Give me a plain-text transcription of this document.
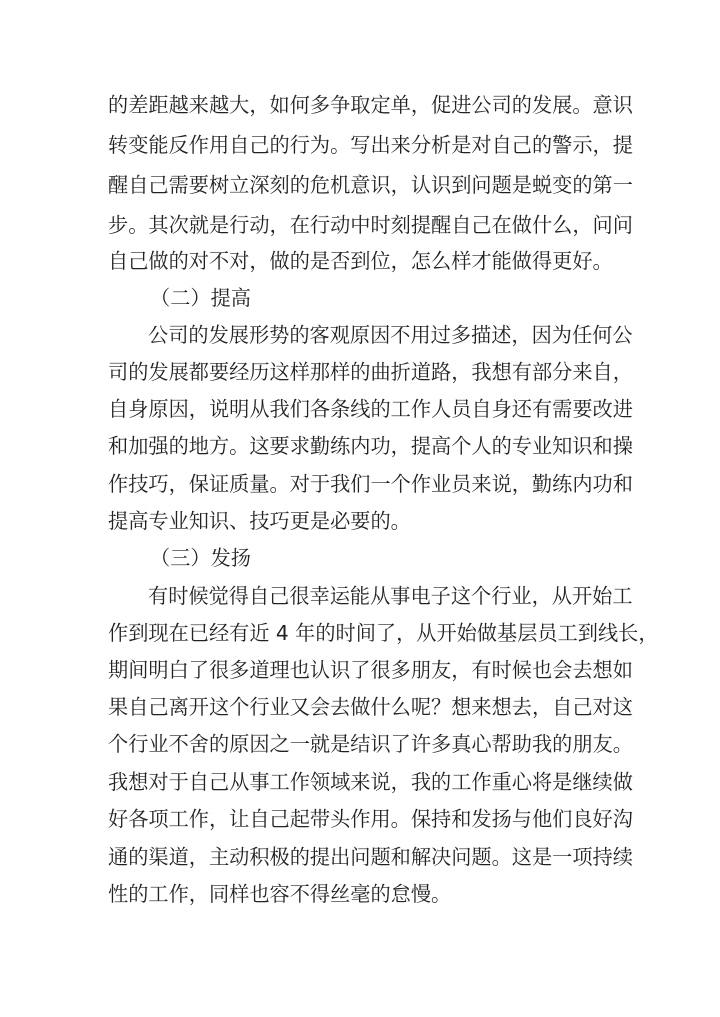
的差距越来越大，如何多争取定单，促进公司的发展。意识
转变能反作用自己的行为。写出来分析是对自己的警示，提
醒自己需要树立深刻的危机意识，认识到问题是蜕变的第一
步。其次就是行动，在行动中时刻提醒自己在做什么，问问
自己做的对不对，做的是否到位，怎么样才能做得更好。
（二）提高
公司的发展形势的客观原因不用过多描述，因为任何公
司的发展都要经历这样那样的曲折道路，我想有部分来自，
自身原因，说明从我们各条线的工作人员自身还有需要改进
和加强的地方。这要求勤练内功，提高个人的专业知识和操
作技巧，保证质量。对于我们一个作业员来说，勤练内功和
提高专业知识、技巧更是必要的。
（三）发扬
有时候觉得自己很幸运能从事电子这个行业，从开始工
作到现在已经有近 4 年的时间了，从开始做基层员工到线长，
期间明白了很多道理也认识了很多朋友，有时候也会去想如
果自己离开这个行业又会去做什么呢？想来想去，自己对这
个行业不舍的原因之一就是结识了许多真心帮助我的朋友。
我想对于自己从事工作领域来说，我的工作重心将是继续做
好各项工作，让自己起带头作用。保持和发扬与他们良好沟
通的渠道，主动积极的提出问题和解决问题。这是一项持续
性的工作，同样也容不得丝毫的怠慢。
